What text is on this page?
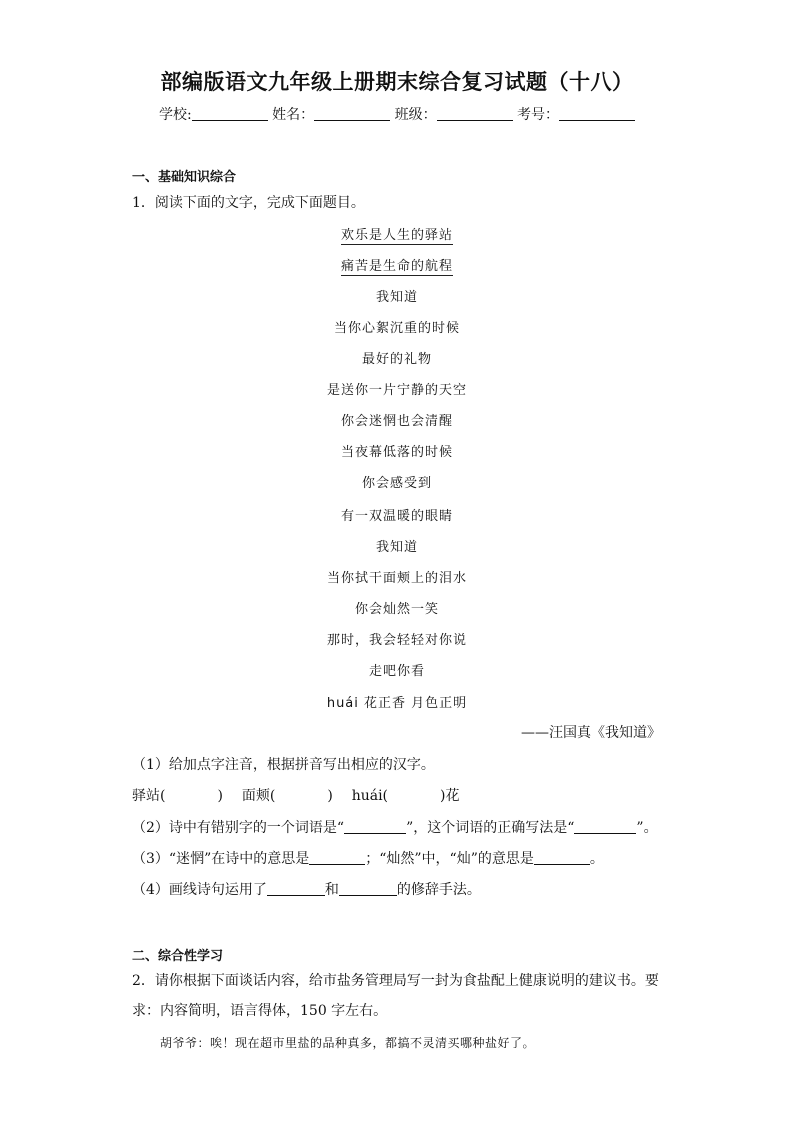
部编版语文九年级上册期末综合复习试题（十八）
学校:	姓名：	班级：	考号：
一、基础知识综合
1．阅读下面的文字，完成下面题目。
欢乐是人生的驿站
痛苦是生命的航程
我知道
当你心絮沉重的时候
最好的礼物
是送你一片宁静的天空
你会迷惘也会清醒
当夜幕低落的时候
你会感受到
有一双温暖的眼睛
我知道
当你拭干面颊上的泪水
你会灿然一笑
那时，我会轻轻对你说
走吧你看
huái 花正香 月色正明
——汪国真《我知道》
（1）给加点字注音，根据拼音写出相应的汉字。
驿站(	) 面颊(	) huái(	)花
（2）诗中有错别字的一个词语是“	”，这个词语的正确写法是“	”。
（3）“迷惘”在诗中的意思是	；“灿然”中，“灿”的意思是	。
（4）画线诗句运用了	和	的修辞手法。
二、综合性学习
2．请你根据下面谈话内容，给市盐务管理局写一封为食盐配上健康说明的建议书。要求：内容简明，语言得体，150 字左右。
胡爷爷：唉！现在超市里盐的品种真多，都搞不灵清买哪种盐好了。
